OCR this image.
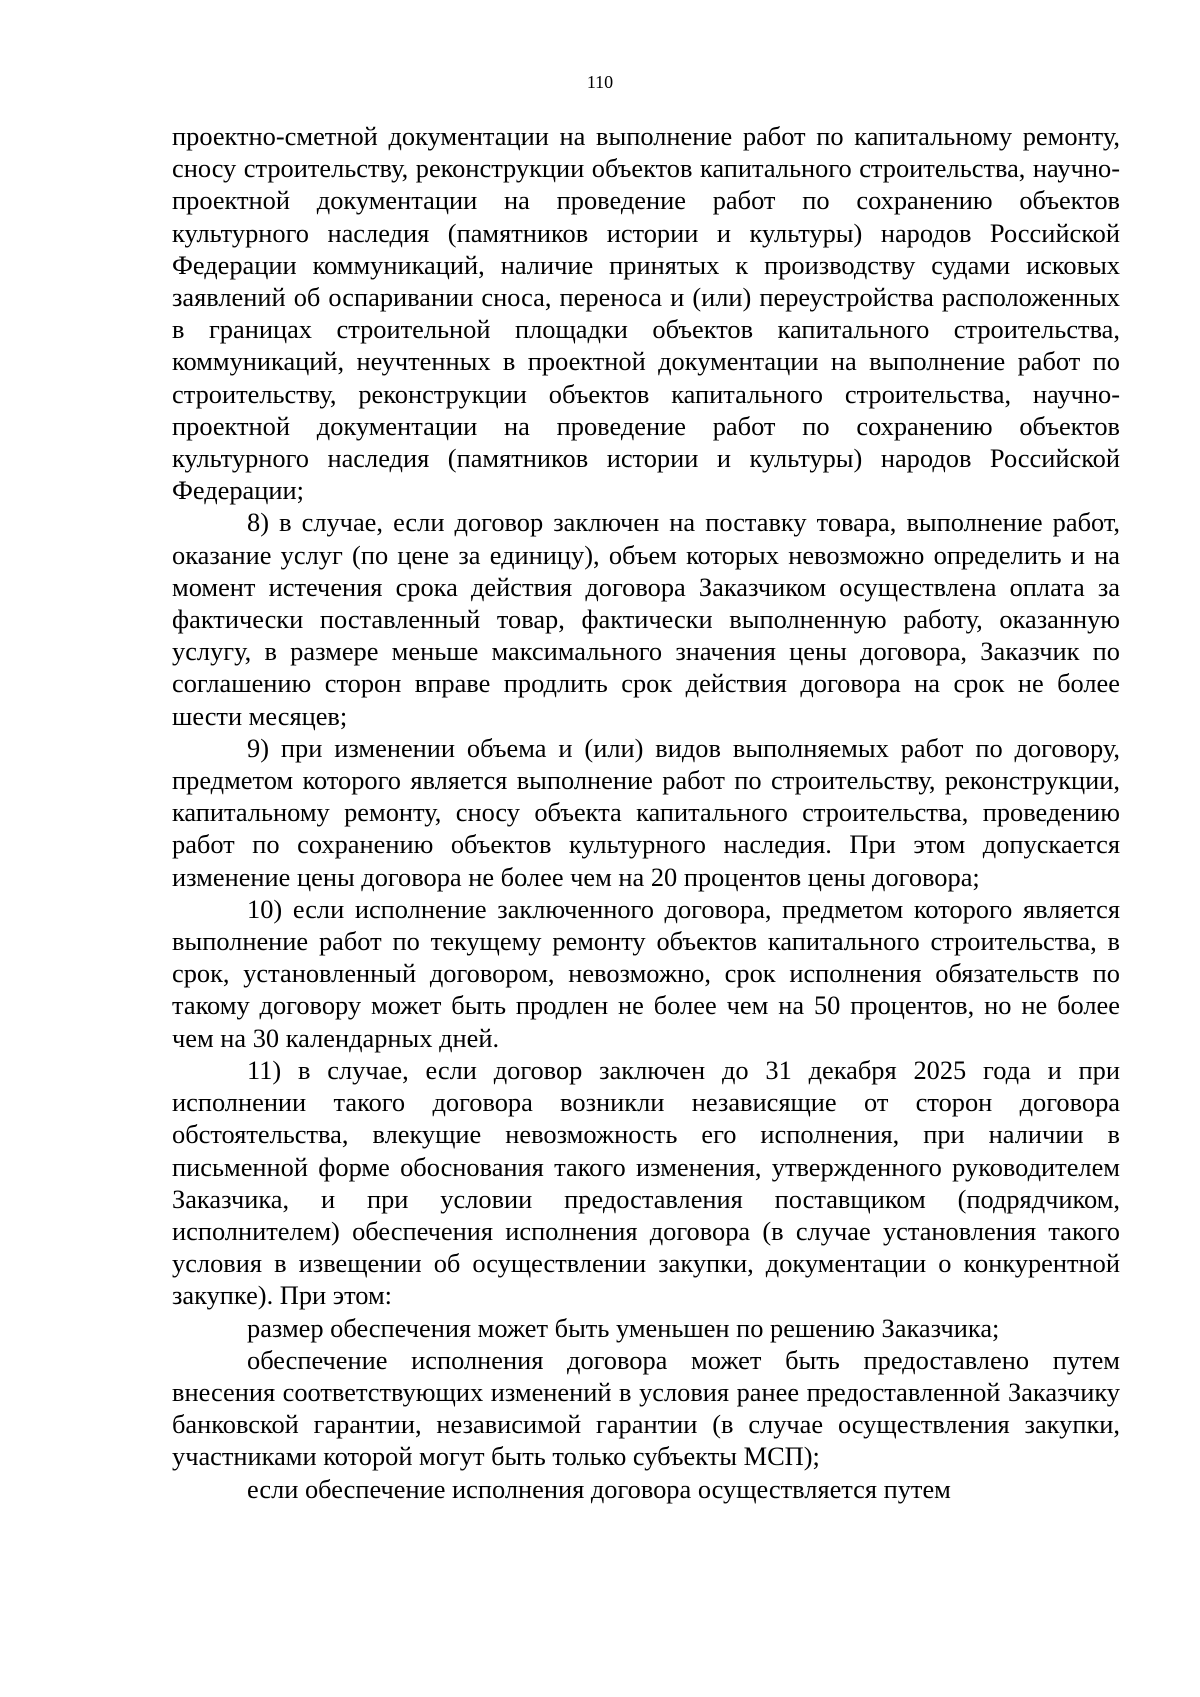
110

проектно-сметной документации на выполнение работ по капитальному ремонту, сносу строительству, реконструкции объектов капитального строительства, научно-проектной документации на проведение работ по сохранению объектов культурного наследия (памятников истории и культуры) народов Российской Федерации коммуникаций, наличие принятых к производству судами исковых заявлений об оспаривании сноса, переноса и (или) переустройства расположенных в границах строительной площадки объектов капитального строительства, коммуникаций, неучтенных в проектной документации на выполнение работ по строительству, реконструкции объектов капитального строительства, научно-проектной документации на проведение работ по сохранению объектов культурного наследия (памятников истории и культуры) народов Российской Федерации;

8) в случае, если договор заключен на поставку товара, выполнение работ, оказание услуг (по цене за единицу), объем которых невозможно определить и на момент истечения срока действия договора Заказчиком осуществлена оплата за фактически поставленный товар, фактически выполненную работу, оказанную услугу, в размере меньше максимального значения цены договора, Заказчик по соглашению сторон вправе продлить срок действия договора на срок не более шести месяцев;

9) при изменении объема и (или) видов выполняемых работ по договору, предметом которого является выполнение работ по строительству, реконструкции, капитальному ремонту, сносу объекта капитального строительства, проведению работ по сохранению объектов культурного наследия. При этом допускается изменение цены договора не более чем на 20 процентов цены договора;

10) если исполнение заключенного договора, предметом которого является выполнение работ по текущему ремонту объектов капитального строительства, в срок, установленный договором, невозможно, срок исполнения обязательств по такому договору может быть продлен не более чем на 50 процентов, но не более чем на 30 календарных дней.

11) в случае, если договор заключен до 31 декабря 2025 года и при исполнении такого договора возникли независящие от сторон договора обстоятельства, влекущие невозможность его исполнения, при наличии в письменной форме обоснования такого изменения, утвержденного руководителем Заказчика, и при условии предоставления поставщиком (подрядчиком, исполнителем) обеспечения исполнения договора (в случае установления такого условия в извещении об осуществлении закупки, документации о конкурентной закупке). При этом:

размер обеспечения может быть уменьшен по решению Заказчика;

обеспечение исполнения договора может быть предоставлено путем внесения соответствующих изменений в условия ранее предоставленной Заказчику банковской гарантии, независимой гарантии (в случае осуществления закупки, участниками которой могут быть только субъекты МСП);

если обеспечение исполнения договора осуществляется путем
